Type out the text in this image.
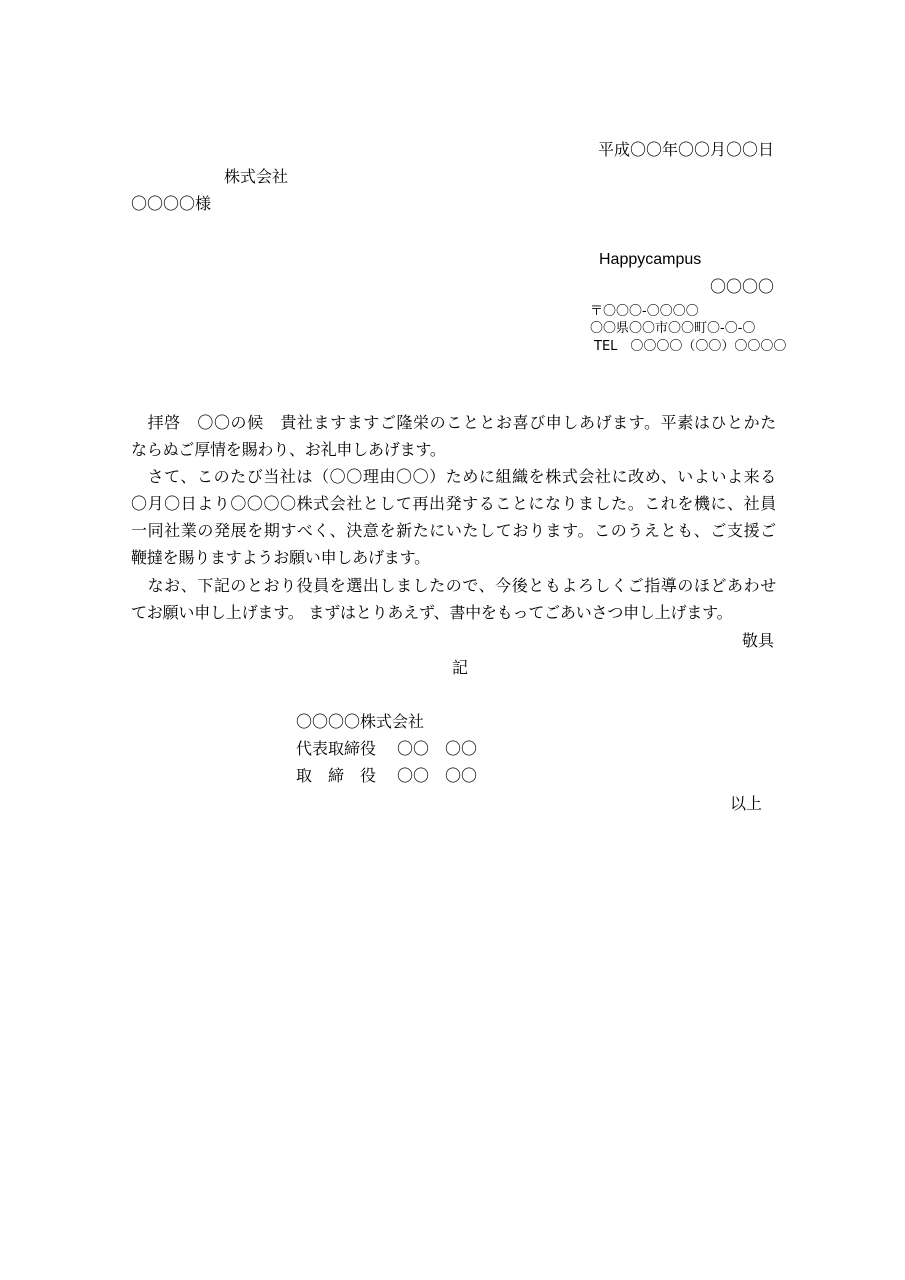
平成〇〇年〇〇月〇〇日
株式会社
〇〇〇〇様
Happycampus
〇〇〇〇
〒〇〇〇-〇〇〇〇
〇〇県〇〇市〇〇町〇-〇-〇
TEL　〇〇〇〇（〇〇）〇〇〇〇
　拝啓　〇〇の候　貴社ますますご隆栄のこととお喜び申しあげます。平素はひとかた
ならぬご厚情を賜わり、お礼申しあげます。
　さて、このたび当社は（〇〇理由〇〇）ために組織を株式会社に改め、いよいよ来る
〇月〇日より〇〇〇〇株式会社として再出発することになりました。これを機に、社員
一同社業の発展を期すべく、決意を新たにいたしております。このうえとも、ご支援ご
鞭撻を賜りますようお願い申しあげます。
　なお、下記のとおり役員を選出しましたので、今後ともよろしくご指導のほどあわせ
てお願い申し上げます。 まずはとりあえず、書中をもってごあいさつ申し上げます。
敬具
記
〇〇〇〇株式会社
代表取締役 〇〇　〇〇
取　締　役 〇〇　〇〇
以上
